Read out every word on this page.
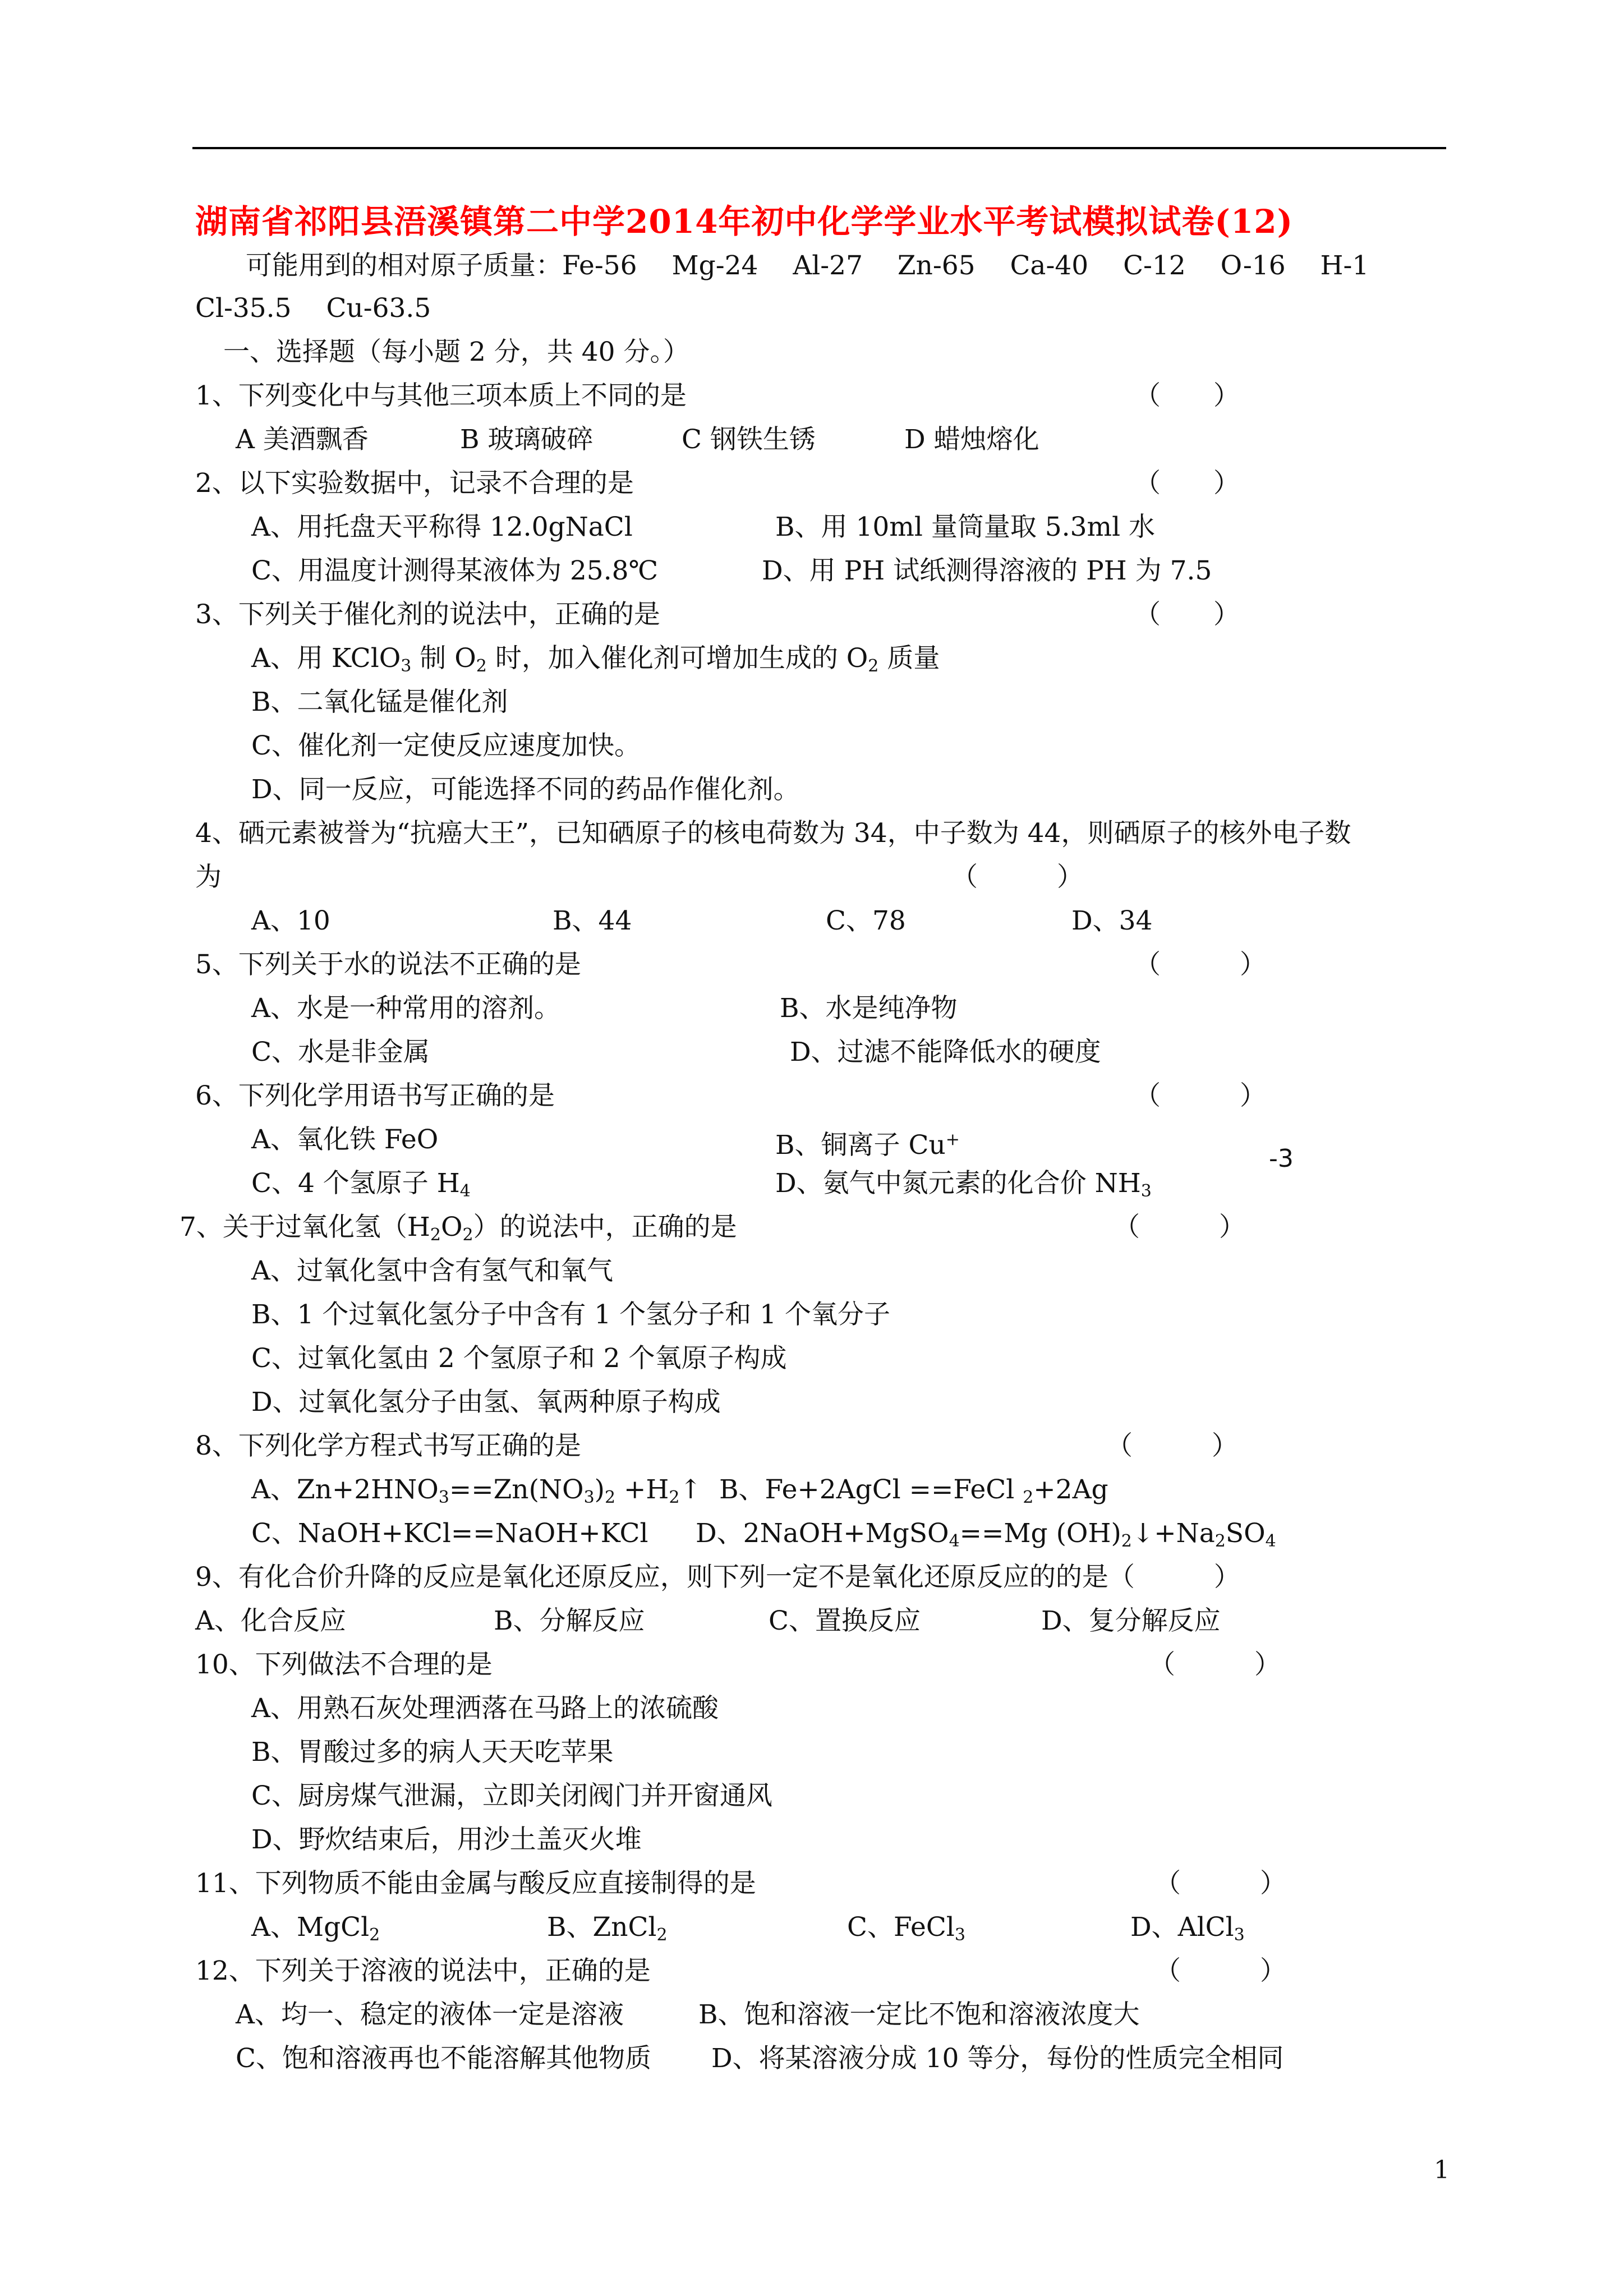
湖南省祁阳县浯溪镇第二中学2014年初中化学学业水平考试模拟试卷(12)
可能用到的相对原子质量：Fe-56　 Mg-24　 Al-27　 Zn-65　 Ca-40　 C-12　 O-16　 H-1
Cl-35.5　 Cu-63.5
一、选择题（每小题 2 分，共 40 分。）
1、下列变化中与其他三项本质上不同的是	（　　）
A 美酒飘香	B 玻璃破碎	C 钢铁生锈	D 蜡烛熔化
2、以下实验数据中，记录不合理的是	（　　）
A、用托盘天平称得 12.0gNaCl	B、用 10ml 量筒量取 5.3ml 水
C、用温度计测得某液体为 25.8℃	D、用 PH 试纸测得溶液的 PH 为 7.5
3、下列关于催化剂的说法中，正确的是	（　　）
A、用 KClO$_3$ 制 $O_2$ 时，加入催化剂可增加生成的 $O_2$ 质量
B、二氧化锰是催化剂
C、催化剂一定使反应速度加快。
D、同一反应，可能选择不同的药品作催化剂。
4、硒元素被誉为“抗癌大王”，已知硒原子的核电荷数为 34，中子数为 44，则硒原子的核外电子数
为	（　　　）
A、10	B、44	C、78	D、34
5、下列关于水的说法不正确的是	（　　　）
A、水是一种常用的溶剂。	B、水是纯净物
C、水是非金属	D、过滤不能降低水的硬度
6、下列化学用语书写正确的是	（　　　）
A、氧化铁 FeO	B、铜离子 Cu+
-3
C、4 个氢原子 $H_4$	D、氨气中氮元素的化合价 $NH_3$
7、关于过氧化氢$(H_2O_2)$的说法中，正确的是	（　　　）
A、过氧化氢中含有氢气和氧气
B、1 个过氧化氢分子中含有 1 个氢分子和 1 个氧分子
C、过氧化氢由 2 个氢原子和 2 个氧原子构成
D、过氧化氢分子由氢、氧两种原子构成
8、下列化学方程式书写正确的是	（　　　）
A、$Zn+2HNO_3==Zn(NO_3)_2$ $+H_2↑$ B、Fe+2AgCl ==FeCl $_2$+2Ag
C、NaOH+KCl==NaOH+KCl D、2NaOH+MgSO$_4$==Mg $(OH)_2↓+Na_2SO_4$
9、有化合价升降的反应是氧化还原反应，则下列一定不是氧化还原反应的的是（　　　）
A、化合反应	B、分解反应	C、置换反应	D、复分解反应
10、下列做法不合理的是	（　　　）
A、用熟石灰处理洒落在马路上的浓硫酸
B、胃酸过多的病人天天吃苹果
C、厨房煤气泄漏，立即关闭阀门并开窗通风
D、野炊结束后，用沙土盖灭火堆
11、下列物质不能由金属与酸反应直接制得的是	（　　　）
A、MgCl$_2$	B、ZnCl$_2$	C、FeCl$_3$	D、AlCl$_3$
12、下列关于溶液的说法中，正确的是	（　　　）
A、均一、稳定的液体一定是溶液	B、饱和溶液一定比不饱和溶液浓度大
C、饱和溶液再也不能溶解其他物质 D、将某溶液分成 10 等分，每份的性质完全相同
1
